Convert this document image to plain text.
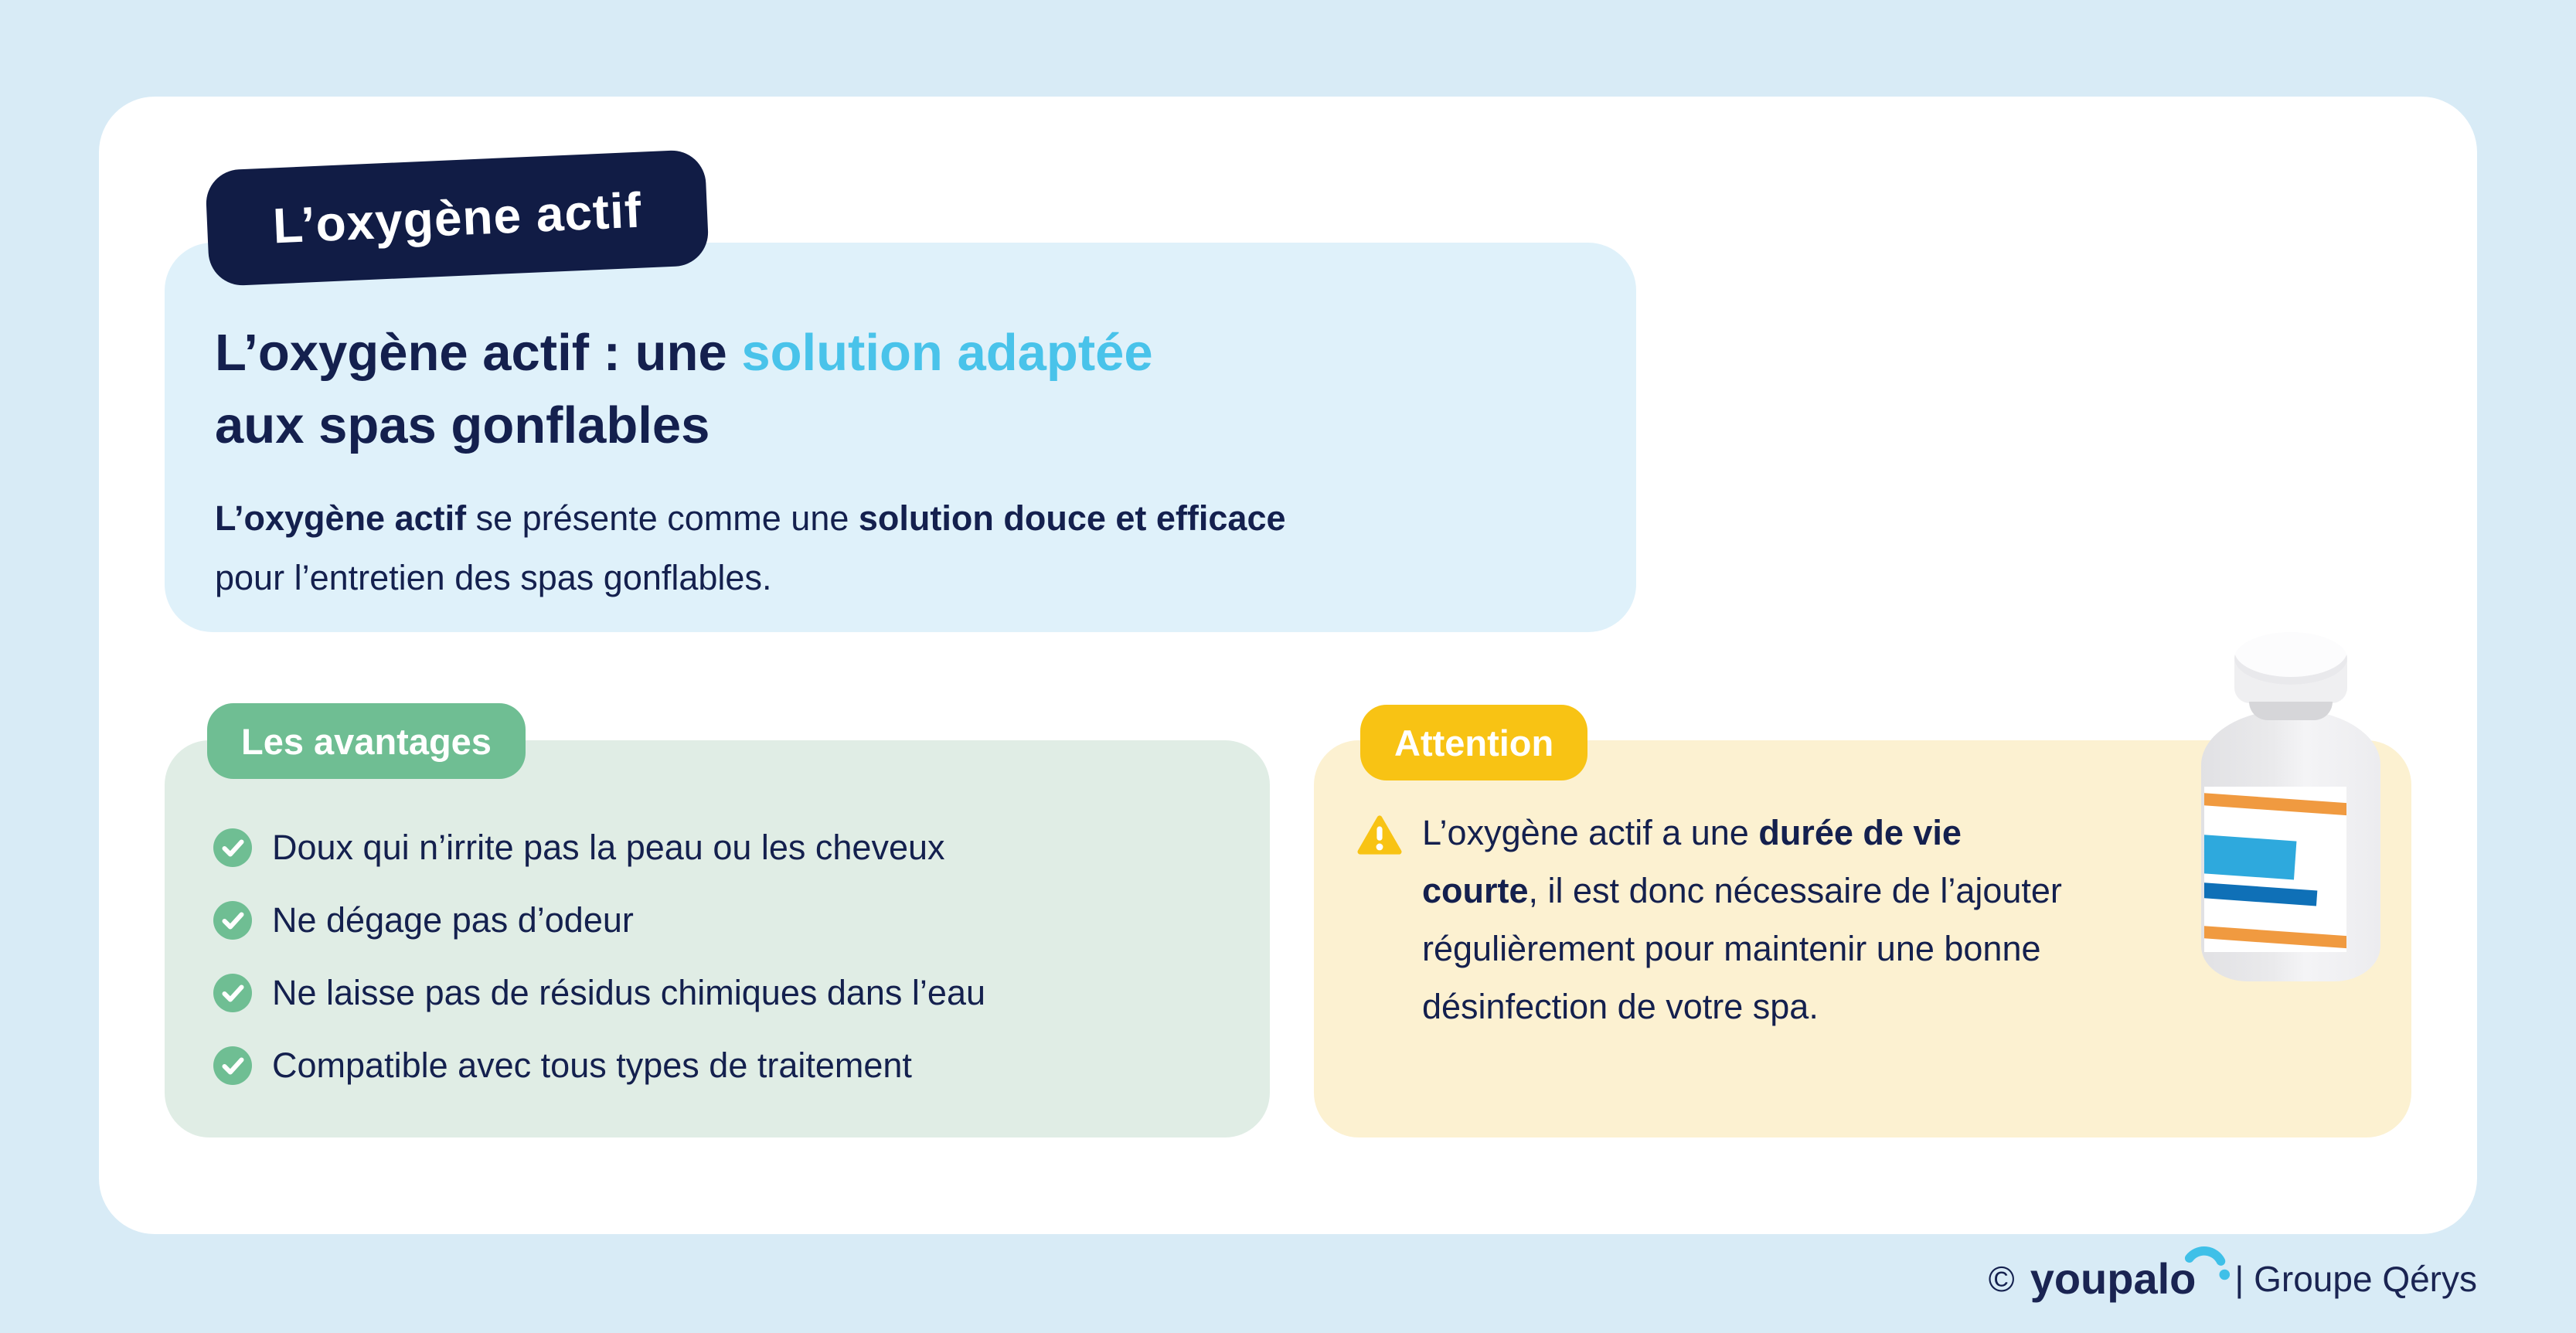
L’oxygène actif
L’oxygène actif : une solution adaptée
aux spas gonflables
L’oxygène actif se présente comme une solution douce et efficace
pour l’entretien des spas gonflables.
Les avantages
Doux qui n’irrite pas la peau ou les cheveux
Ne dégage pas d’odeur
Ne laisse pas de résidus chimiques dans l’eau
Compatible avec tous types de traitement
Attention
L’oxygène actif a une durée de vie
courte, il est donc nécessaire de l’ajouter
régulièrement pour maintenir une bonne
désinfection de votre spa.
© youpalo	| Groupe Qérys
